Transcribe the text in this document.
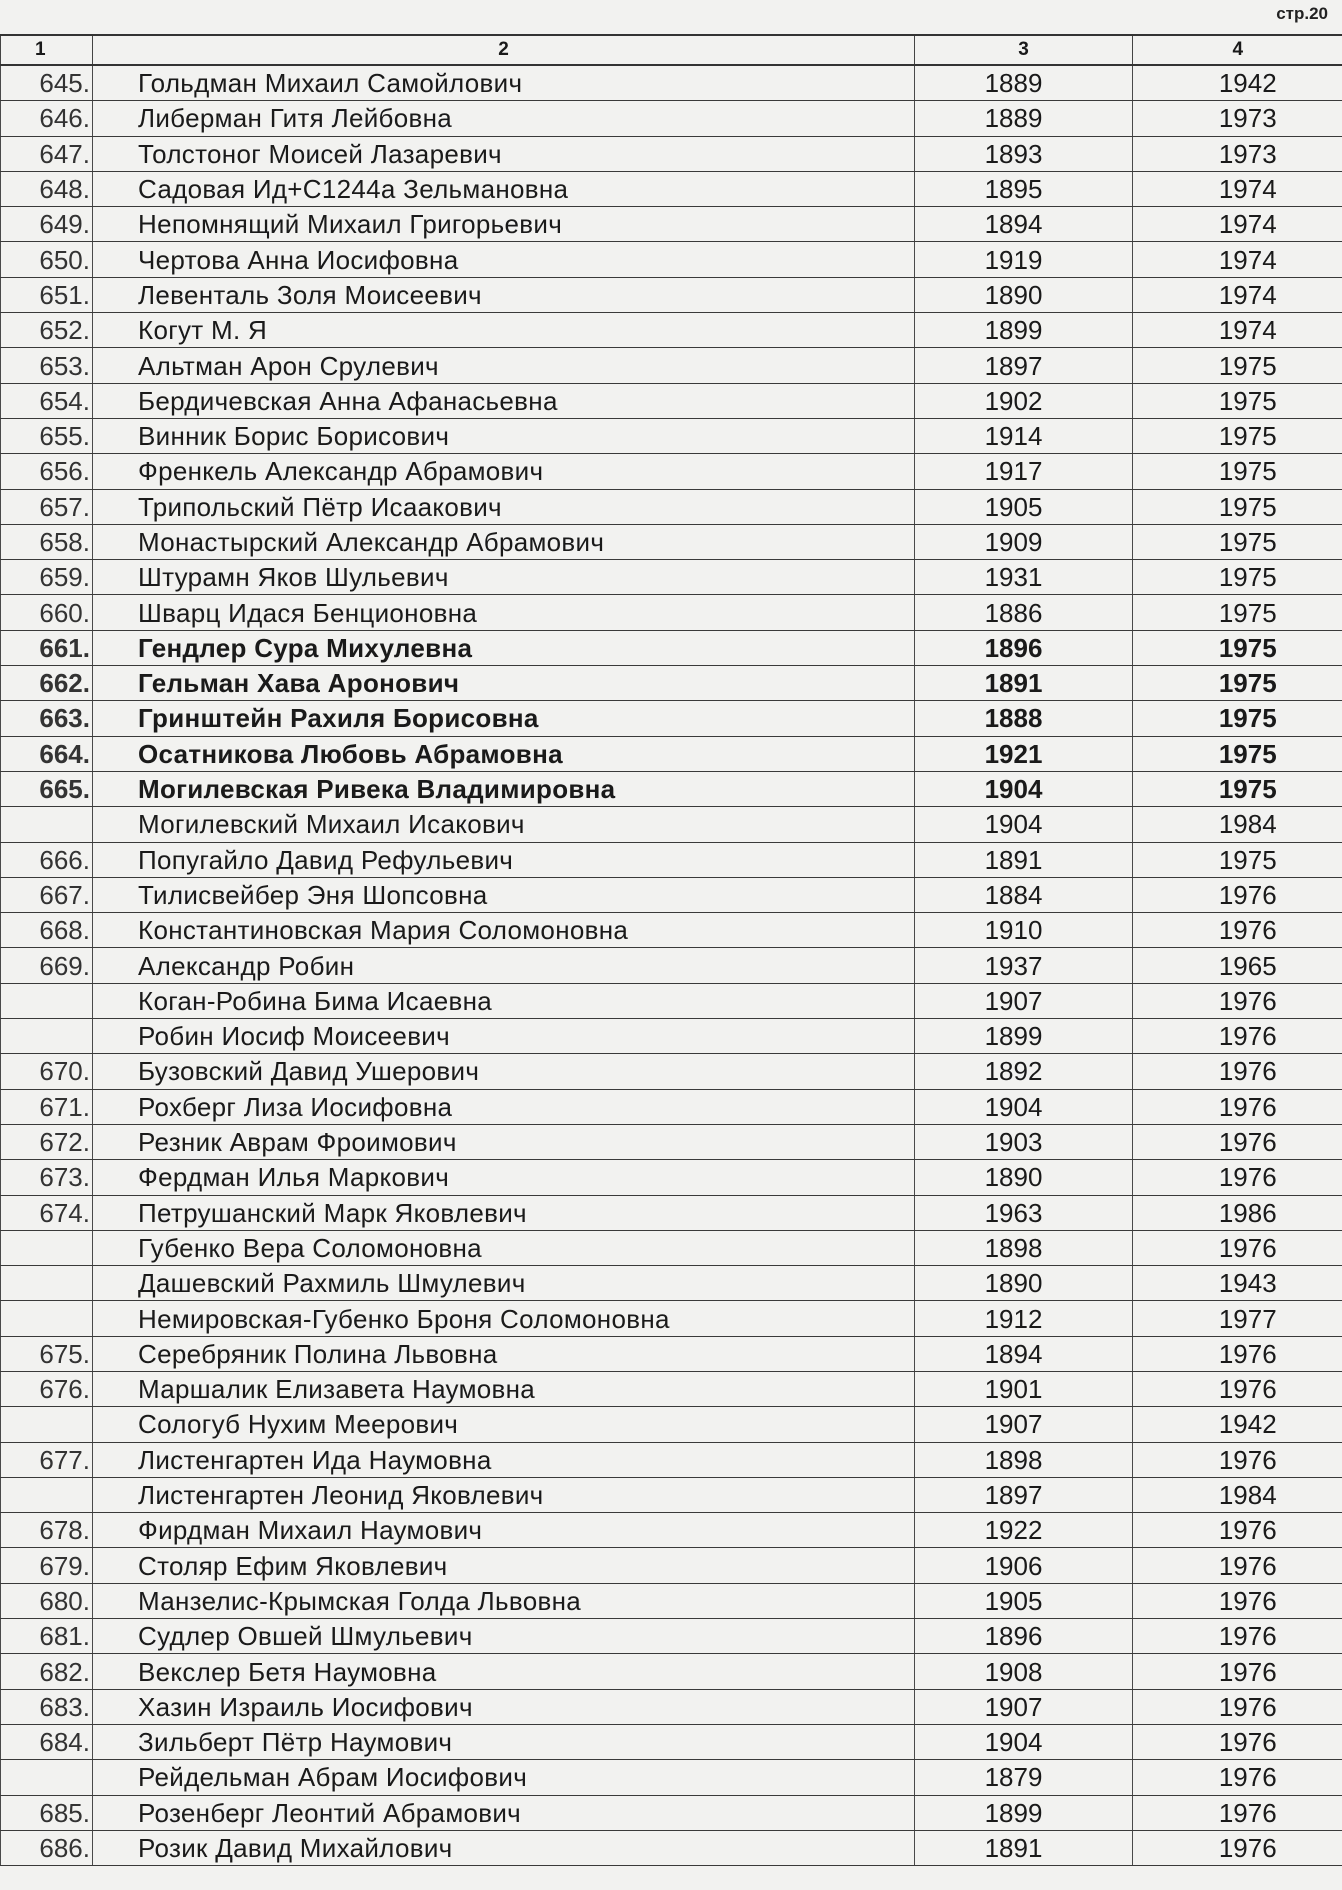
стр.20
1	2	3	4
645.	Гольдман Михаил Самойлович	1889	1942
646.	Либерман Гитя Лейбовна	1889	1973
647.	Толстоног Моисей Лазаревич	1893	1973
648.	Садовая Ид+С1244а Зельмановна	1895	1974
649.	Непомнящий Михаил Григорьевич	1894	1974
650.	Чертова Анна Иосифовна	1919	1974
651.	Левенталь Золя Моисеевич	1890	1974
652.	Когут М. Я	1899	1974
653.	Альтман Арон Срулевич	1897	1975
654.	Бердичевская Анна Афанасьевна	1902	1975
655.	Винник Борис Борисович	1914	1975
656.	Френкель Александр Абрамович	1917	1975
657.	Трипольский Пётр Исаакович	1905	1975
658.	Монастырский Александр Абрамович	1909	1975
659.	Штурамн Яков Шульевич	1931	1975
660.	Шварц Идася Бенционовна	1886	1975
661.	Гендлер Сура Михулевна	1896	1975
662.	Гельман Хава Аронович	1891	1975
663.	Гринштейн Рахиля Борисовна	1888	1975
664.	Осатникова Любовь Абрамовна	1921	1975
665.	Могилевская Ривека Владимировна	1904	1975
	Могилевский Михаил Исакович	1904	1984
666.	Попугайло Давид Рефульевич	1891	1975
667.	Тилисвейбер Эня Шопсовна	1884	1976
668.	Константиновская Мария Соломоновна	1910	1976
669.	Александр Робин	1937	1965
	Коган-Робина Бима Исаевна	1907	1976
	Робин Иосиф Моисеевич	1899	1976
670.	Бузовский Давид Ушерович	1892	1976
671.	Рохберг Лиза Иосифовна	1904	1976
672.	Резник Аврам Фроимович	1903	1976
673.	Фердман Илья Маркович	1890	1976
674.	Петрушанский Марк Яковлевич	1963	1986
	Губенко Вера Соломоновна	1898	1976
	Дашевский Рахмиль Шмулевич	1890	1943
	Немировская-Губенко Броня Соломоновна	1912	1977
675.	Серебряник Полина Львовна	1894	1976
676.	Маршалик Елизавета Наумовна	1901	1976
	Сологуб Нухим Меерович	1907	1942
677.	Листенгартен Ида Наумовна	1898	1976
	Листенгартен Леонид Яковлевич	1897	1984
678.	Фирдман Михаил Наумович	1922	1976
679.	Столяр Ефим Яковлевич	1906	1976
680.	Манзелис-Крымская Голда Львовна	1905	1976
681.	Судлер Овшей Шмульевич	1896	1976
682.	Векслер Бетя Наумовна	1908	1976
683.	Хазин Израиль Иосифович	1907	1976
684.	Зильберт Пётр Наумович	1904	1976
	Рейдельман Абрам Иосифович	1879	1976
685.	Розенберг Леонтий Абрамович	1899	1976
686.	Розик Давид Михайлович	1891	1976
